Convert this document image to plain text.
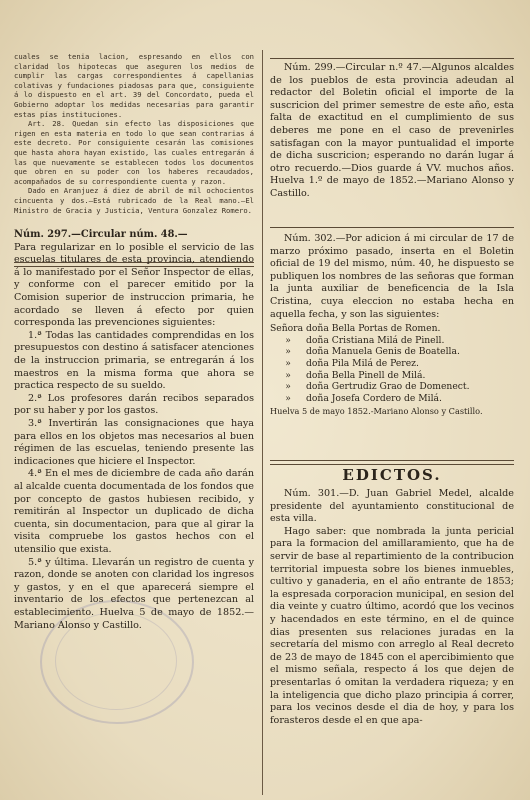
cuales se tenia lacion, espresando en ellos con claridad los hipotecas que aseguren los medios de cumplir las cargas correspondientes á capellanias colativas y fundaciones piadosas para que, consiguiente á lo dispuesto en el art. 39 del Concordato, pueda el Gobierno adoptar los medidas necesarias para garantir estas pías instituciones.

Art. 28. Quedan sin efecto las disposiciones que rigen en esta materia en todo lo que sean contrarias á este decreto. Por consiguiente cesarán las comisiones que hasta ahora hayan existido, las cuales entregarán á las que nuevamente se establecen todos los documentos que obren en su poder con los haberes recaudados, acompañados de su correspondiente cuenta y razon.

Dado en Aranjuez á diez de abril de mil ochocientos cincuenta y dos.—Está rubricado de la Real mano.—El Ministro de Gracia y Justicia, Ventura Gonzalez Romero.

Núm. 297.—Circular núm. 48.—

Para regularizar en lo posible el servicio de las escuelas titulares de esta provincia, atendiendo á lo manifestado por el Señor Inspector de ellas, y conforme con el parecer emitido por la Comision superior de instruccion primaria, he acordado se lleven á efecto por quien corresponda las prevenciones siguientes:

1.ª Todas las cantidades comprendidas en los presupuestos con destino á satisfacer atenciones de la instruccion primaria, se entregarán á los maestros en la misma forma que ahora se practica respecto de su sueldo.

2.ª Los profesores darán recibos separados por su haber y por los gastos.

3.ª Invertirán las consignaciones que haya para ellos en los objetos mas necesarios al buen régimen de las escuelas, teniendo presente las indicaciones que hiciere el Inspector.

4.ª En el mes de diciembre de cada año darán al alcalde cuenta documentada de los fondos que por concepto de gastos hubiesen recibido, y remitirán al Inspector un duplicado de dicha cuenta, sin documentacion, para que al girar la visita compruebe los gastos hechos con el utensilio que exista.

5.ª y última. Llevarán un registro de cuenta y razon, donde se anoten con claridad los ingresos y gastos, y en el que aparecerá siempre el inventario de los efectos que pertenezcan al establecimiento. Huelva 5 de mayo de 1852.—Mariano Alonso y Castillo.

Núm. 299.—Circular n.º 47.—Algunos alcaldes de los pueblos de esta provincia adeudan al redactor del Boletin oficial el importe de la suscricion del primer semestre de este año, esta falta de exactitud en el cumplimiento de sus deberes me pone en el caso de prevenirles satisfagan con la mayor puntualidad el importe de dicha suscricion; esperando no darán lugar á otro recuerdo.—Dios guarde á VV. muchos años. Huelva 1.º de mayo de 1852.—Mariano Alonso y Castillo.

Núm. 302.—Por adicion á mi circular de 17 de marzo próximo pasado, inserta en el Boletin oficial de 19 del mismo, núm. 40, he dispuesto se publiquen los nombres de las señoras que forman la junta auxiliar de beneficencia de la Isla Cristina, cuya eleccion no estaba hecha en aquella fecha, y son las siguientes:

Señora doña Bella Portas de Romen.
»	doña Cristiana Milá de Pinell.
»	doña Manuela Genis de Boatella.
»	doña Pila Milá de Perez.
»	doña Bella Pinell de Milá.
»	doña Gertrudiz Grao de Domenect.
»	doña Josefa Cordero de Milá.

Huelva 5 de mayo 1852.-Mariano Alonso y Castillo.

EDICTOS.

Núm. 301.—D. Juan Gabriel Medel, alcalde presidente del ayuntamiento constitucional de esta villa.

Hago saber: que nombrada la junta pericial para la formacion del amillaramiento, que ha de servir de base al repartimiento de la contribucion territorial impuesta sobre los bienes inmuebles, cultivo y ganaderia, en el año entrante de 1853; la espresada corporacion municipal, en sesion del dia veinte y cuatro último, acordó que los vecinos y hacendados en este término, en el de quince dias presenten sus relaciones juradas en la secretaría del mismo con arreglo al Real decreto de 23 de mayo de 1845 con el apercibimiento que el mismo señala, respecto á los que dejen de presentarlas ó omitan la verdadera riqueza; y en la inteligencia que dicho plazo principia á correr, para los vecinos desde el dia de hoy, y para los forasteros desde el en que apa-
